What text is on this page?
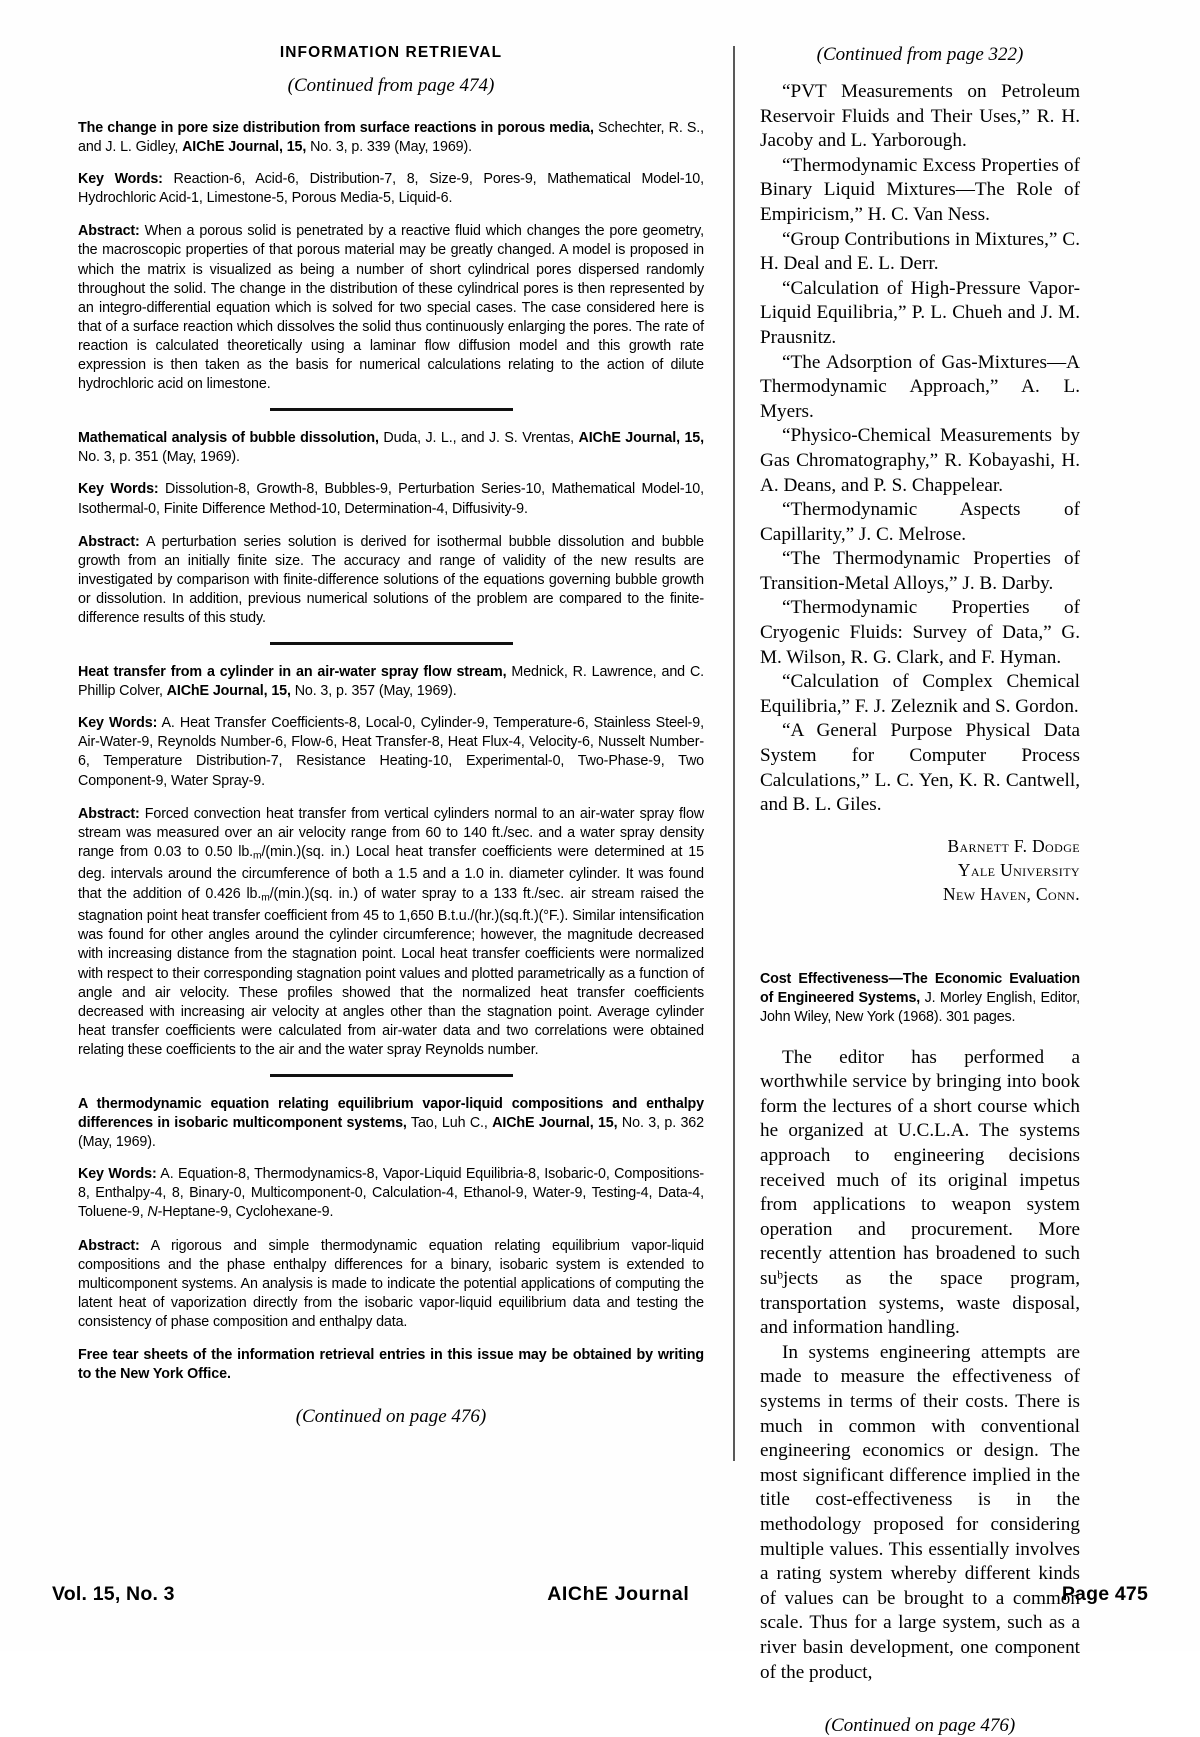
INFORMATION RETRIEVAL
(Continued from page 474)

The change in pore size distribution from surface reactions in porous media, Schechter, R. S., and J. L. Gidley, AIChE Journal, 15, No. 3, p. 339 (May, 1969).

Key Words: Reaction-6, Acid-6, Distribution-7, 8, Size-9, Pores-9, Mathematical Model-10, Hydrochloric Acid-1, Limestone-5, Porous Media-5, Liquid-6.

Abstract: When a porous solid is penetrated by a reactive fluid which changes the pore geometry, the macroscopic properties of that porous material may be greatly changed. A model is proposed in which the matrix is visualized as being a number of short cylindrical pores dispersed randomly throughout the solid. The change in the distribution of these cylindrical pores is then represented by an integro-differential equation which is solved for two special cases. The case considered here is that of a surface reaction which dissolves the solid thus continuously enlarging the pores. The rate of reaction is calculated theoretically using a laminar flow diffusion model and this growth rate expression is then taken as the basis for numerical calculations relating to the action of dilute hydrochloric acid on limestone.

Mathematical analysis of bubble dissolution, Duda, J. L., and J. S. Vrentas, AIChE Journal, 15, No. 3, p. 351 (May, 1969).

Key Words: Dissolution-8, Growth-8, Bubbles-9, Perturbation Series-10, Mathematical Model-10, Isothermal-0, Finite Difference Method-10, Determination-4, Diffusivity-9.

Abstract: A perturbation series solution is derived for isothermal bubble dissolution and bubble growth from an initially finite size. The accuracy and range of validity of the new results are investigated by comparison with finite-difference solutions of the equations governing bubble growth or dissolution. In addition, previous numerical solutions of the problem are compared to the finite-difference results of this study.

Heat transfer from a cylinder in an air-water spray flow stream, Mednick, R. Lawrence, and C. Phillip Colver, AIChE Journal, 15, No. 3, p. 357 (May, 1969).

Key Words: A. Heat Transfer Coefficients-8, Local-0, Cylinder-9, Temperature-6, Stainless Steel-9, Air-Water-9, Reynolds Number-6, Flow-6, Heat Transfer-8, Heat Flux-4, Velocity-6, Nusselt Number-6, Temperature Distribution-7, Resistance Heating-10, Experimental-0, Two-Phase-9, Two Component-9, Water Spray-9.

Abstract: Forced convection heat transfer from vertical cylinders normal to an air-water spray flow stream was measured over an air velocity range from 60 to 140 ft./sec. and a water spray density range from 0.03 to 0.50 $lb._m/(\min.)(sq$. in.) Local heat transfer coefficients were determined at 15 deg. intervals around the circumference of both a 1.5 and a 1.0 in. diameter cylinder. It was found that the addition of 0.426 $lb._m/(\min.)(sq$. in.) of water spray to a 133 ft./sec. air stream raised the stagnation point heat transfer coefficient from 45 to 1,650 B.t.u./(hr.)(sq.ft.)(°F.). Similar intensification was found for other angles around the cylinder circumference; however, the magnitude decreased with increasing distance from the stagnation point. Local heat transfer coefficients were normalized with respect to their corresponding stagnation point values and plotted parametrically as a function of angle and air velocity. These profiles showed that the normalized heat transfer coefficients decreased with increasing air velocity at angles other than the stagnation point. Average cylinder heat transfer coefficients were calculated from air-water data and two correlations were obtained relating these coefficients to the air and the water spray Reynolds number.

A thermodynamic equation relating equilibrium vapor-liquid compositions and enthalpy differences in isobaric multicomponent systems, Tao, Luh C., AIChE Journal, 15, No. 3, p. 362 (May, 1969).

Key Words: A. Equation-8, Thermodynamics-8, Vapor-Liquid Equilibria-8, Isobaric-0, Compositions-8, Enthalpy-4, 8, Binary-0, Multicomponent-0, Calculation-4, Ethanol-9, Water-9, Testing-4, Data-4, Toluene-9, N-Heptane-9, Cyclohexane-9.

Abstract: A rigorous and simple thermodynamic equation relating equilibrium vapor-liquid compositions and the phase enthalpy differences for a binary, isobaric system is extended to multicomponent systems. An analysis is made to indicate the potential applications of computing the latent heat of vaporization directly from the isobaric vapor-liquid equilibrium data and testing the consistency of phase composition and enthalpy data.

Free tear sheets of the information retrieval entries in this issue may be obtained by writing to the New York Office.

(Continued on page 476)
(Continued from page 322)

“PVT Measurements on Petroleum Reservoir Fluids and Their Uses,” R. H. Jacoby and L. Yarborough.

“Thermodynamic Excess Properties of Binary Liquid Mixtures—The Role of Empiricism,” H. C. Van Ness.

“Group Contributions in Mixtures,” C. H. Deal and E. L. Derr.

“Calculation of High-Pressure Vapor-Liquid Equilibria,” P. L. Chueh and J. M. Prausnitz.

“The Adsorption of Gas-Mixtures—A Thermodynamic Approach,” A. L. Myers.

“Physico-Chemical Measurements by Gas Chromatography,” R. Kobayashi, H. A. Deans, and P. S. Chappelear.

“Thermodynamic Aspects of Capillarity,” J. C. Melrose.

“The Thermodynamic Properties of Transition-Metal Alloys,” J. B. Darby.

“Thermodynamic Properties of Cryogenic Fluids: Survey of Data,” G. M. Wilson, R. G. Clark, and F. Hyman.

“Calculation of Complex Chemical Equilibria,” F. J. Zeleznik and S. Gordon.

“A General Purpose Physical Data System for Computer Process Calculations,” L. C. Yen, K. R. Cantwell, and B. L. Giles.

Barnett F. Dodge
Yale University
New Haven, Conn.

Cost Effectiveness—The Economic Evaluation of Engineered Systems, J. Morley English, Editor, John Wiley, New York (1968). 301 pages.

The editor has performed a worthwhile service by bringing into book form the lectures of a short course which he organized at U.C.L.A. The systems approach to engineering decisions received much of its original impetus from applications to weapon system operation and procurement. More recently attention has broadened to such suᵇjects as the space program, transportation systems, waste disposal, and information handling.

In systems engineering attempts are made to measure the effectiveness of systems in terms of their costs. There is much in common with conventional engineering economics or design. The most significant difference implied in the title cost-effectiveness is in the methodology proposed for considering multiple values. This essentially involves a rating system whereby different kinds of values can be brought to a common scale. Thus for a large system, such as a river basin development, one component of the product,

(Continued on page 476)
Vol. 15, No. 3	AIChE Journal	Page 475
